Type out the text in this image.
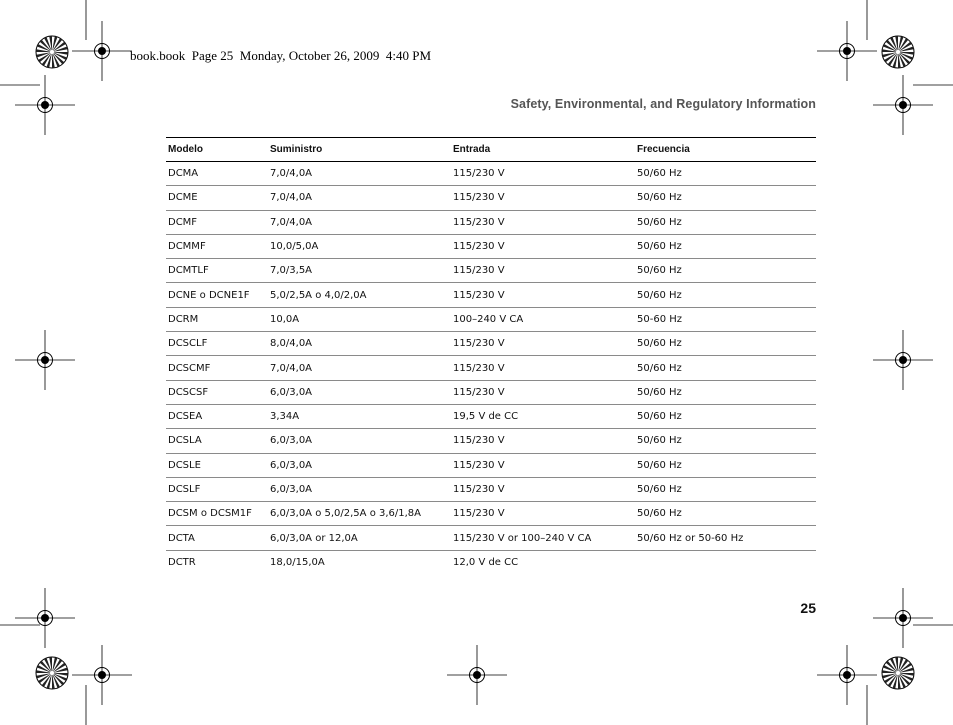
book.book  Page 25  Monday, October 26, 2009  4:40 PM
Safety, Environmental, and Regulatory Information
Modelo	Suministro	Entrada	Frecuencia
DCMA	7,0/4,0A	115/230 V	50/60 Hz
DCME	7,0/4,0A	115/230 V	50/60 Hz
DCMF	7,0/4,0A	115/230 V	50/60 Hz
DCMMF	10,0/5,0A	115/230 V	50/60 Hz
DCMTLF	7,0/3,5A	115/230 V	50/60 Hz
DCNE o DCNE1F	5,0/2,5A o 4,0/2,0A	115/230 V	50/60 Hz
DCRM	10,0A	100–240 V CA	50-60 Hz
DCSCLF	8,0/4,0A	115/230 V	50/60 Hz
DCSCMF	7,0/4,0A	115/230 V	50/60 Hz
DCSCSF	6,0/3,0A	115/230 V	50/60 Hz
DCSEA	3,34A	19,5 V de CC	50/60 Hz
DCSLA	6,0/3,0A	115/230 V	50/60 Hz
DCSLE	6,0/3,0A	115/230 V	50/60 Hz
DCSLF	6,0/3,0A	115/230 V	50/60 Hz
DCSM o DCSM1F	6,0/3,0A o 5,0/2,5A o 3,6/1,8A	115/230 V	50/60 Hz
DCTA	6,0/3,0A or 12,0A	115/230 V or 100–240 V CA	50/60 Hz or 50-60 Hz
DCTR	18,0/15,0A	12,0 V de CC	
25
